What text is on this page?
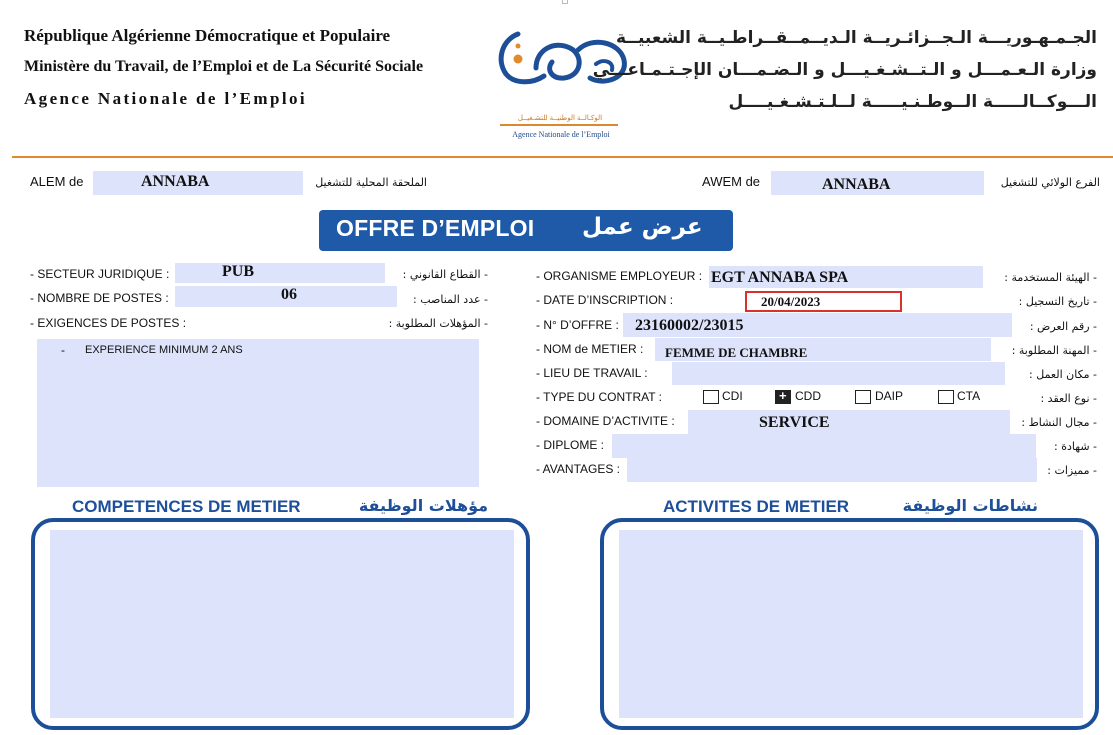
République Algérienne Démocratique et Populaire
Ministère du Travail, de l’Emploi et de La Sécurité Sociale
Agence Nationale de l’Emploi
الوكـالــة الوطنيــة للتشـغيــل
Agence Nationale de l’Emploi
الجـمـهـوريـــة الـجــزائـريــة الـديــمــقــراطـيــة الشعبيــة
وزارة الـعـمـــل و الـتــشـغـيـــل و الـضـمـــان الإجـتـمـاعـــي
الـــوكــالـــــة الــوطـنـيـــــة لــلـتـشـغـيــــل
ALEM de	ANNABA	الملحقة المحلية للتشغيل	AWEM de	ANNABA	الفرع الولائي للتشغيل
OFFRE D’EMPLOI عرض عمل
- SECTEUR JURIDIQUE :	PUB	- القطاع القانوني :
- NOMBRE DE POSTES :	06	- عدد المناصب :
- EXIGENCES DE POSTES :	- المؤهلات المطلوبة :
- EXPERIENCE MINIMUM 2 ANS
- ORGANISME EMPLOYEUR : EGT ANNABA SPA	- الهيئة المستخدمة :
- DATE D’INSCRIPTION :	20/04/2023	- تاريخ التسجيل :
- N° D’OFFRE : 23160002/23015	- رقم العرض :
- NOM de METIER : FEMME DE CHAMBRE	- المهنة المطلوبة :
- LIEU DE TRAVAIL :	- مكان العمل :
- TYPE DU CONTRAT :	CDI
+	CDD	DAIP	CTA	- نوع العقد :
- DOMAINE D’ACTIVITE :	SERVICE	- مجال النشاط :
- DIPLOME :	- شهادة :
- AVANTAGES :	- مميزات :
COMPETENCES DE METIER	مؤهلات الوظيفة	ACTIVITES DE METIER	نشاطات الوظيفة
